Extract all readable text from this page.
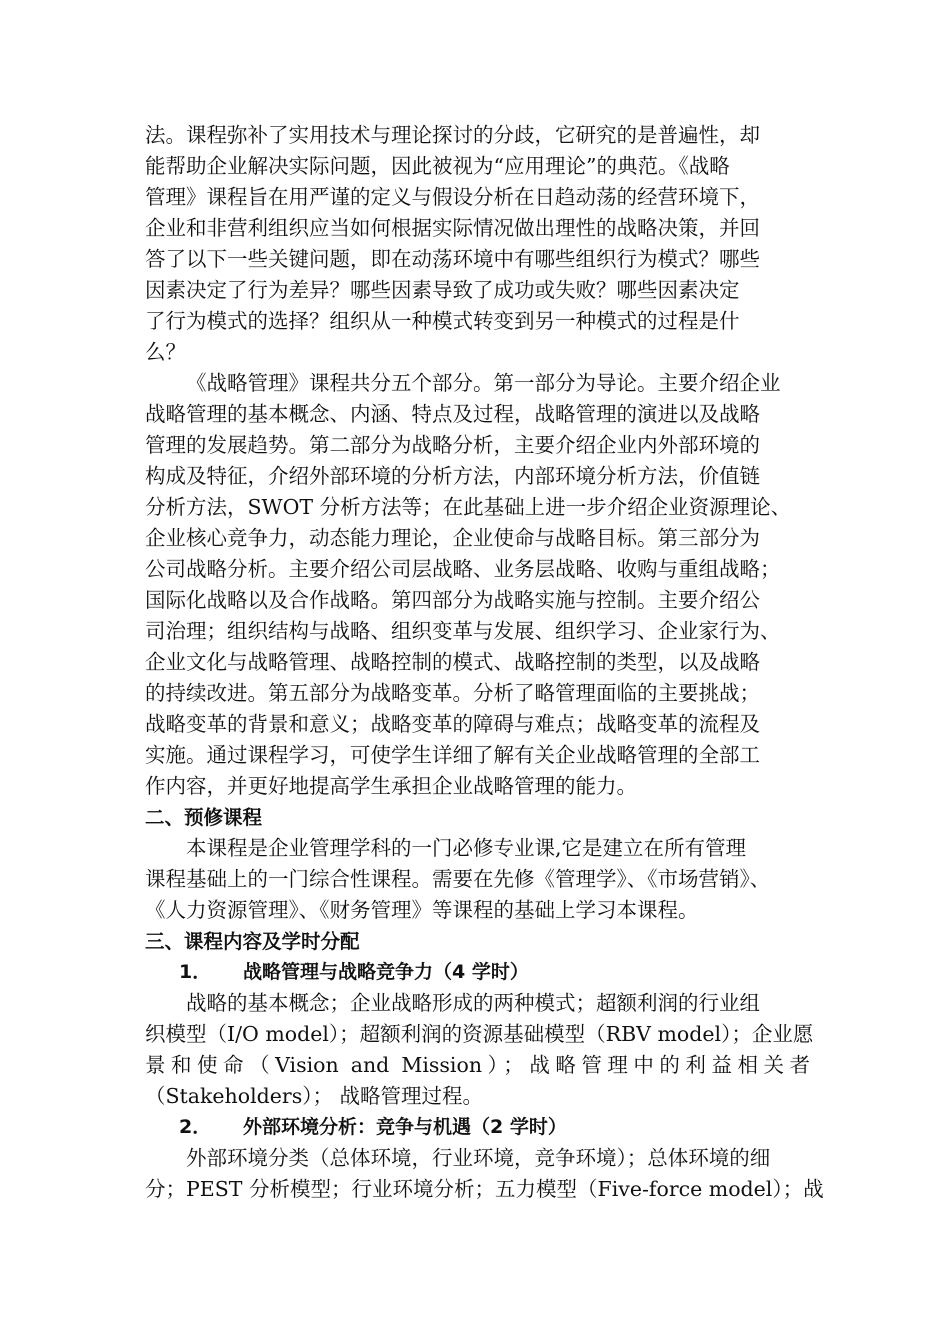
法。课程弥补了实用技术与理论探讨的分歧，它研究的是普遍性，却
能帮助企业解决实际问题，因此被视为“应用理论”的典范。《战略
管理》课程旨在用严谨的定义与假设分析在日趋动荡的经营环境下，
企业和非营利组织应当如何根据实际情况做出理性的战略决策，并回
答了以下一些关键问题，即在动荡环境中有哪些组织行为模式？哪些
因素决定了行为差异？哪些因素导致了成功或失败？哪些因素决定
了行为模式的选择？组织从一种模式转变到另一种模式的过程是什
么？
《战略管理》课程共分五个部分。第一部分为导论。主要介绍企业
战略管理的基本概念、内涵、特点及过程，战略管理的演进以及战略
管理的发展趋势。第二部分为战略分析，主要介绍企业内外部环境的
构成及特征，介绍外部环境的分析方法，内部环境分析方法，价值链
分析方法，SWOT 分析方法等；在此基础上进一步介绍企业资源理论、
企业核心竞争力，动态能力理论，企业使命与战略目标。第三部分为
公司战略分析。主要介绍公司层战略、业务层战略、收购与重组战略；
国际化战略以及合作战略。第四部分为战略实施与控制。主要介绍公
司治理；组织结构与战略、组织变革与发展、组织学习、企业家行为、
企业文化与战略管理、战略控制的模式、战略控制的类型，以及战略
的持续改进。第五部分为战略变革。分析了略管理面临的主要挑战；
战略变革的背景和意义；战略变革的障碍与难点；战略变革的流程及
实施。通过课程学习，可使学生详细了解有关企业战略管理的全部工
作内容，并更好地提高学生承担企业战略管理的能力。
二、预修课程
本课程是企业管理学科的一门必修专业课,它是建立在所有管理
课程基础上的一门综合性课程。需要在先修《管理学》、《市场营销》、
《人力资源管理》、《财务管理》等课程的基础上学习本课程。
三、课程内容及学时分配
1． 战略管理与战略竞争力（4 学时）
战略的基本概念；企业战略形成的两种模式；超额利润的行业组
织模型（I/O model）；超额利润的资源基础模型（RBV model）；企业愿
景和使命（Vision and Mission）；战略管理中的利益相关者
（Stakeholders）； 战略管理过程。
2． 外部环境分析：竞争与机遇（2 学时）
外部环境分类（总体环境，行业环境，竞争环境）；总体环境的细
分；PEST 分析模型；行业环境分析；五力模型（Five-force model）；战
